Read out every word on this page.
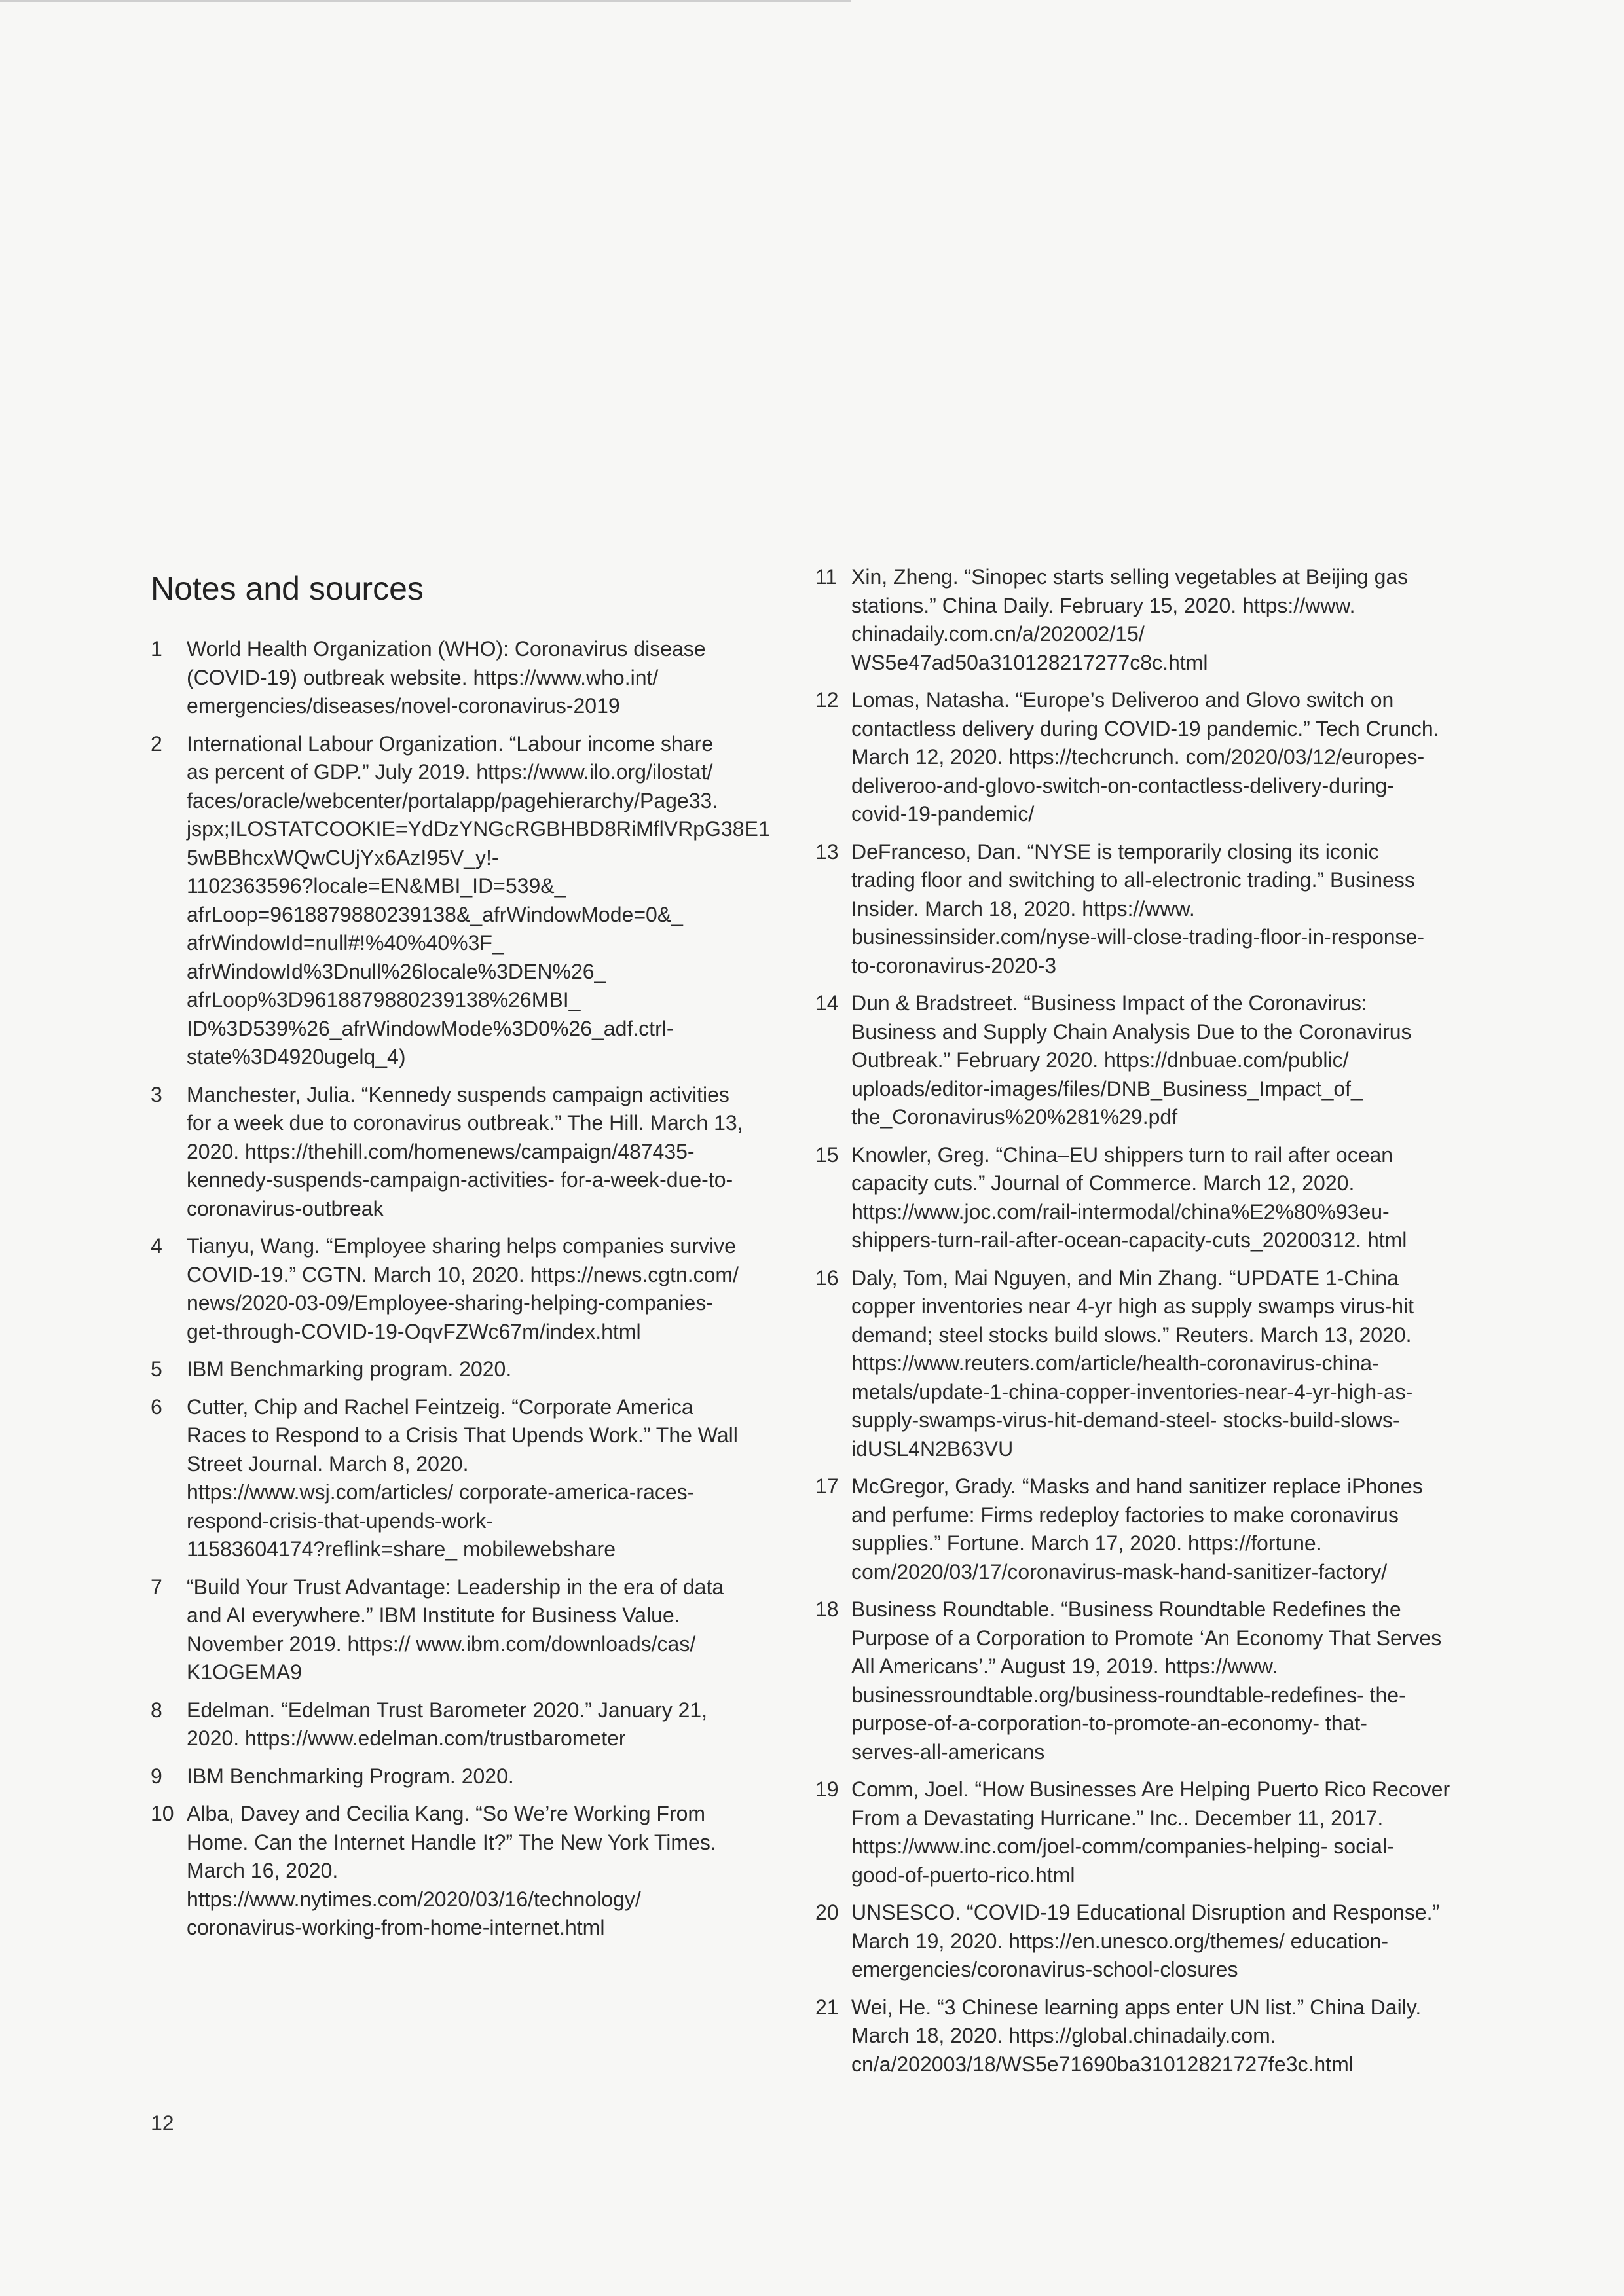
Notes and sources
1	World Health Organization (WHO): Coronavirus disease
(COVID-19) outbreak website. https://www.who.int/
emergencies/diseases/novel-coronavirus-2019
2	International Labour Organization. “Labour income share
as percent of GDP.” July 2019. https://www.ilo.org/ilostat/
faces/oracle/webcenter/portalapp/pagehierarchy/Page33.
jspx;ILOSTATCOOKIE=YdDzYNGcRGBHBD8RiMflVRpG38E1
5wBBhcxWQwCUjYx6AzI95V_y!-
1102363596?locale=EN&MBI_ID=539&_
afrLoop=9618879880239138&_afrWindowMode=0&_
afrWindowId=null#!%40%40%3F_
afrWindowId%3Dnull%26locale%3DEN%26_
afrLoop%3D9618879880239138%26MBI_
ID%3D539%26_afrWindowMode%3D0%26_adf.ctrl-
state%3D4920ugelq_4)
3	Manchester, Julia. “Kennedy suspends campaign activities
for a week due to coronavirus outbreak.” The Hill. March 13,
2020. https://thehill.com/homenews/campaign/487435-
kennedy-suspends-campaign-activities- for-a-week-due-to-
coronavirus-outbreak
4	Tianyu, Wang. “Employee sharing helps companies survive
COVID-19.” CGTN. March 10, 2020. https://news.cgtn.com/
news/2020-03-09/Employee-sharing-helping-companies-
get-through-COVID-19-OqvFZWc67m/index.html
5	IBM Benchmarking program. 2020.
6	Cutter, Chip and Rachel Feintzeig. “Corporate America
Races to Respond to a Crisis That Upends Work.” The Wall
Street Journal. March 8, 2020.
https://www.wsj.com/articles/ corporate-america-races-
respond-crisis-that-upends-work-
11583604174?reflink=share_ mobilewebshare
7	“Build Your Trust Advantage: Leadership in the era of data
and AI everywhere.” IBM Institute for Business Value.
November 2019. https:// www.ibm.com/downloads/cas/
K1OGEMA9
8	Edelman. “Edelman Trust Barometer 2020.” January 21,
2020. https://www.edelman.com/trustbarometer
9	IBM Benchmarking Program. 2020.
10 Alba, Davey and Cecilia Kang. “So We’re Working From
Home. Can the Internet Handle It?” The New York Times.
March 16, 2020.
https://www.nytimes.com/2020/03/16/technology/
coronavirus-working-from-home-internet.html
11 Xin, Zheng. “Sinopec starts selling vegetables at Beijing gas
stations.” China Daily. February 15, 2020. https://www.
chinadaily.com.cn/a/202002/15/
WS5e47ad50a310128217277c8c.html
12 Lomas, Natasha. “Europe’s Deliveroo and Glovo switch on
contactless delivery during COVID-19 pandemic.” Tech Crunch.
March 12, 2020. https://techcrunch. com/2020/03/12/europes-
deliveroo-and-glovo-switch-on-contactless-delivery-during-
covid-19-pandemic/
13 DeFranceso, Dan. “NYSE is temporarily closing its iconic
trading floor and switching to all-electronic trading.” Business
Insider. March 18, 2020. https://www.
businessinsider.com/nyse-will-close-trading-floor-in-response-
to-coronavirus-2020-3
14 Dun & Bradstreet. “Business Impact of the Coronavirus:
Business and Supply Chain Analysis Due to the Coronavirus
Outbreak.” February 2020. https://dnbuae.com/public/
uploads/editor-images/files/DNB_Business_Impact_of_
the_Coronavirus%20%281%29.pdf
15 Knowler, Greg. “China–EU shippers turn to rail after ocean
capacity cuts.” Journal of Commerce. March 12, 2020.
https://www.joc.com/rail-intermodal/china%E2%80%93eu-
shippers-turn-rail-after-ocean-capacity-cuts_20200312. html
16 Daly, Tom, Mai Nguyen, and Min Zhang. “UPDATE 1-China
copper inventories near 4-yr high as supply swamps virus-hit
demand; steel stocks build slows.” Reuters. March 13, 2020.
https://www.reuters.com/article/health-coronavirus-china-
metals/update-1-china-copper-inventories-near-4-yr-high-as-
supply-swamps-virus-hit-demand-steel- stocks-build-slows-
idUSL4N2B63VU
17 McGregor, Grady. “Masks and hand sanitizer replace iPhones
and perfume: Firms redeploy factories to make coronavirus
supplies.” Fortune. March 17, 2020. https://fortune.
com/2020/03/17/coronavirus-mask-hand-sanitizer-factory/
18 Business Roundtable. “Business Roundtable Redefines the
Purpose of a Corporation to Promote ‘An Economy That Serves
All Americans’.” August 19, 2019. https://www.
businessroundtable.org/business-roundtable-redefines- the-
purpose-of-a-corporation-to-promote-an-economy- that-
serves-all-americans
19 Comm, Joel. “How Businesses Are Helping Puerto Rico Recover
From a Devastating Hurricane.” Inc.. December 11, 2017.
https://www.inc.com/joel-comm/companies-helping- social-
good-of-puerto-rico.html
20 UNSESCO. “COVID-19 Educational Disruption and Response.”
March 19, 2020. https://en.unesco.org/themes/ education-
emergencies/coronavirus-school-closures
21 Wei, He. “3 Chinese learning apps enter UN list.” China Daily.
March 18, 2020. https://global.chinadaily.com.
cn/a/202003/18/WS5e71690ba31012821727fe3c.html
12
